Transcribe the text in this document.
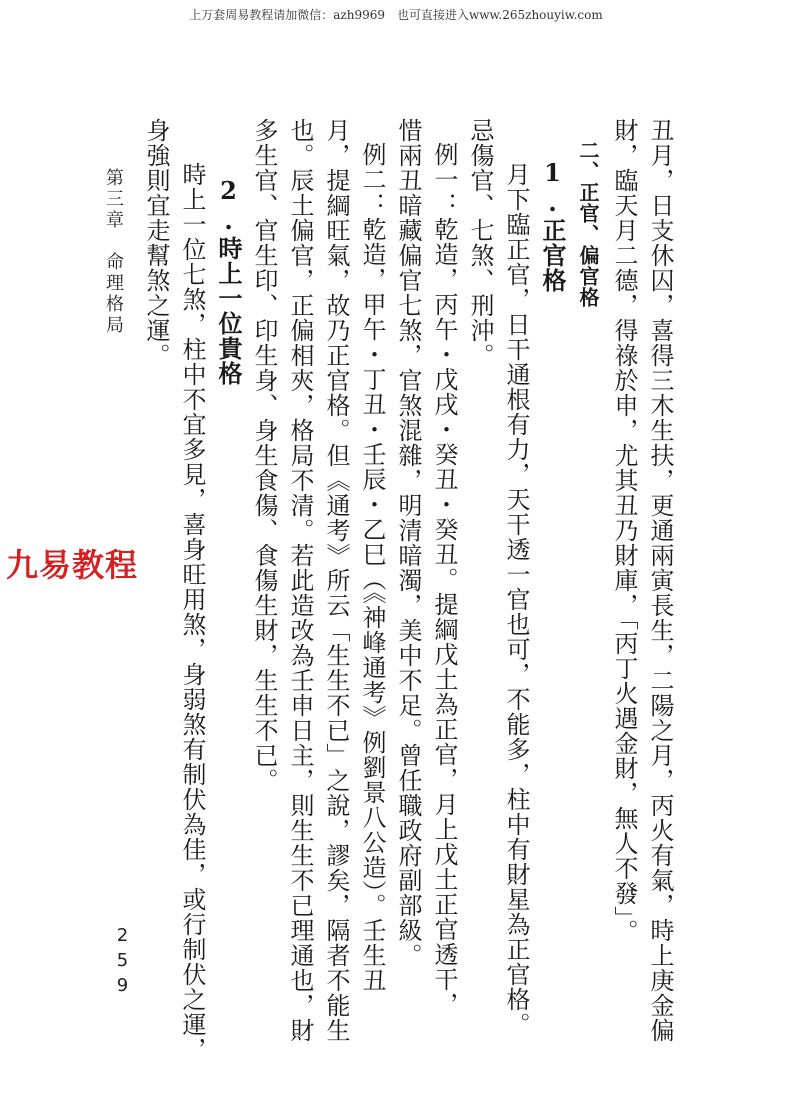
上万套周易教程请加微信：azh9969　也可直接进入www.265zhouyiw.com
丑月，日支休囚，喜得三木生扶，更通兩寅長生，二陽之月，丙火有氣，時上庚金偏
財，臨天月二德，得祿於申，尤其丑乃財庫，「丙丁火遇金財，無人不發」。
二、正官、偏官格
1.正官格
月下臨正官，日干通根有力，天干透一官也可，不能多，柱中有財星為正官格。
忌傷官、七煞、刑沖。
例一：乾造，丙午・戊戌・癸丑・癸丑。提綱戊土為正官，月上戊土正官透干，
惜兩丑暗藏偏官七煞，官煞混雜，明清暗濁，美中不足。曾任職政府副部級。
例二：乾造，甲午・丁丑・壬辰・乙巳（《神峰通考》例劉景八公造）。壬生丑
月，提綱旺氣，故乃正官格。但《通考》所云「生生不已」之說，謬矣，隔者不能生
也。辰土偏官，正偏相夾，格局不清。若此造改為壬申日主，則生生不已理通也，財
多生官、官生印、印生身、身生食傷、食傷生財，生生不已。
2.時上一位貴格
時上一位七煞，柱中不宜多見，喜身旺用煞，身弱煞有制伏為佳，或行制伏之運，
身強則宜走幫煞之運。
第三章　命理格局
259
九易教程
